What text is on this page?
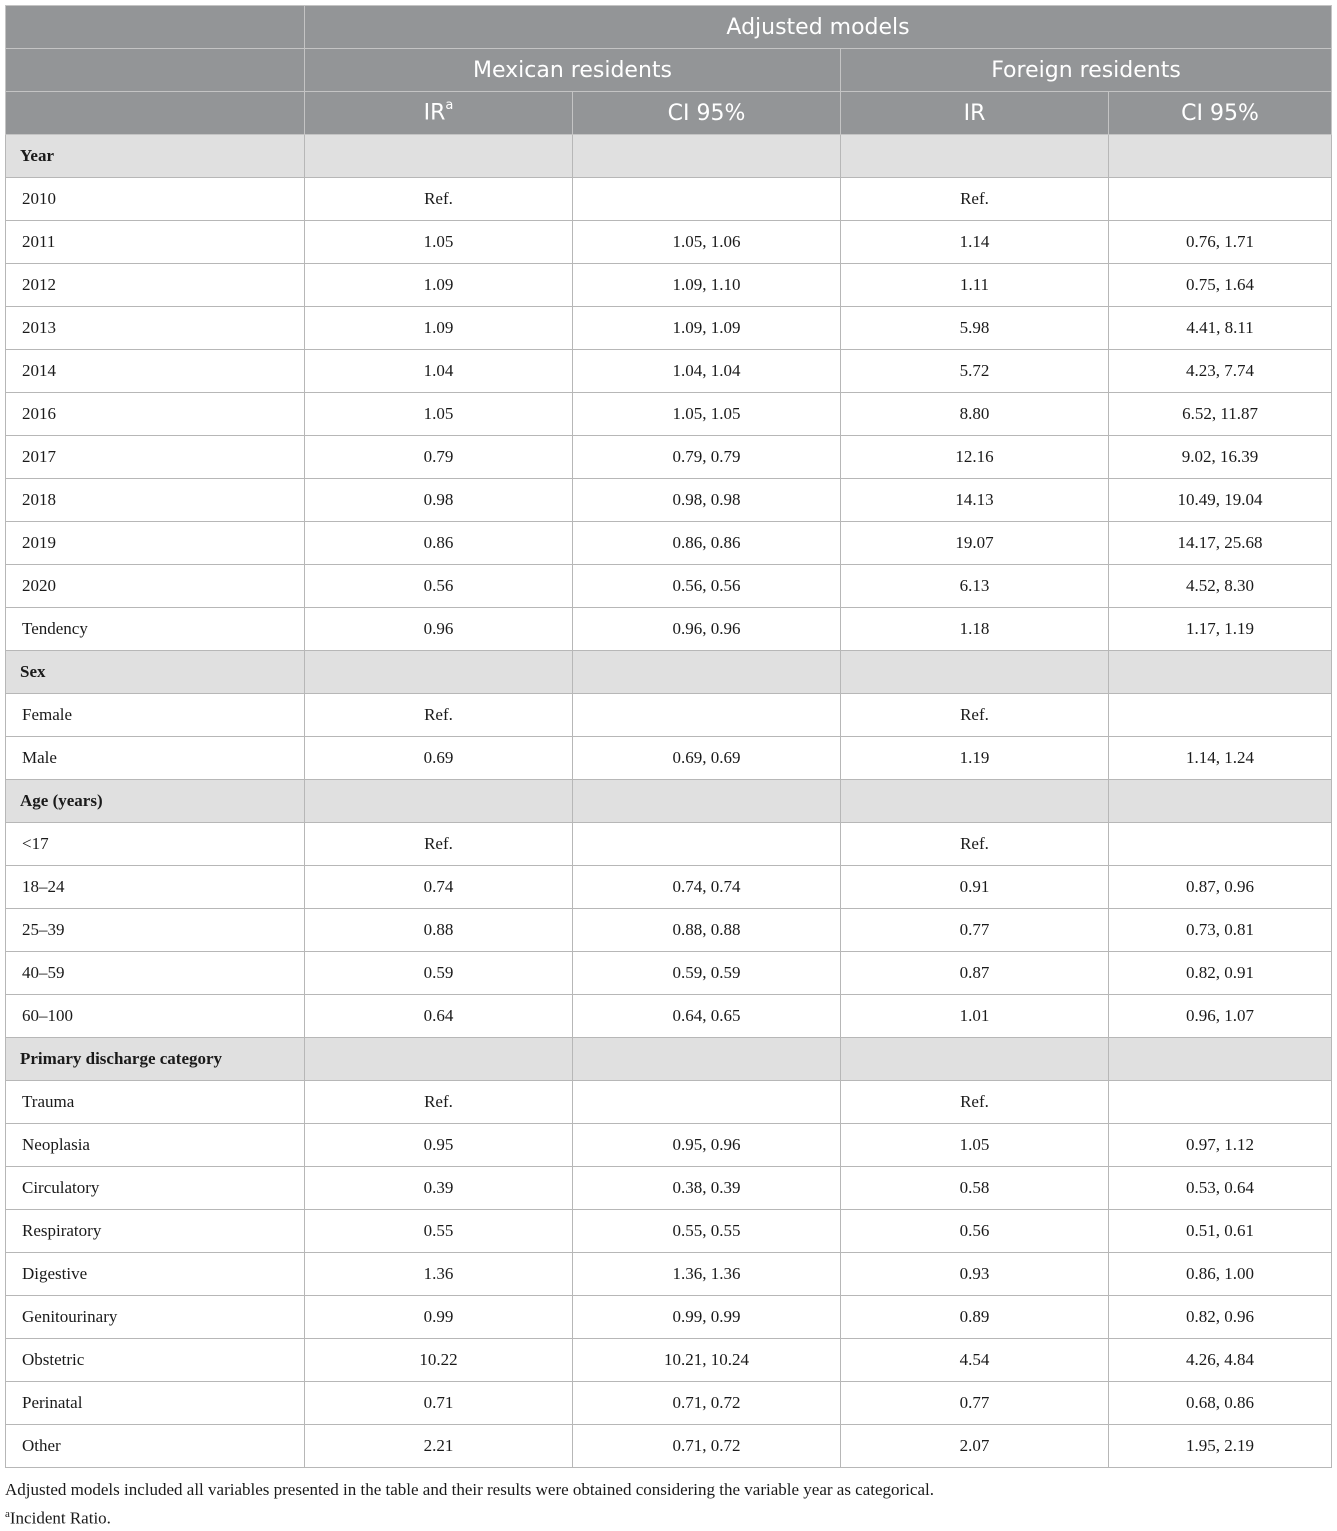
	Adjusted models			
	Mexican residents		Foreign residents	
	$IR^a$	CI 95%	IR	CI 95%
Year				
2010	Ref.		Ref.	
2011	1.05	1.05, 1.06	1.14	0.76, 1.71
2012	1.09	1.09, 1.10	1.11	0.75, 1.64
2013	1.09	1.09, 1.09	5.98	4.41, 8.11
2014	1.04	1.04, 1.04	5.72	4.23, 7.74
2016	1.05	1.05, 1.05	8.80	6.52, 11.87
2017	0.79	0.79, 0.79	12.16	9.02, 16.39
2018	0.98	0.98, 0.98	14.13	10.49, 19.04
2019	0.86	0.86, 0.86	19.07	14.17, 25.68
2020	0.56	0.56, 0.56	6.13	4.52, 8.30
Tendency	0.96	0.96, 0.96	1.18	1.17, 1.19
Sex				
Female	Ref.		Ref.	
Male	0.69	0.69, 0.69	1.19	1.14, 1.24
Age (years)				
<17	Ref.		Ref.	
18–24	0.74	0.74, 0.74	0.91	0.87, 0.96
25–39	0.88	0.88, 0.88	0.77	0.73, 0.81
40–59	0.59	0.59, 0.59	0.87	0.82, 0.91
60–100	0.64	0.64, 0.65	1.01	0.96, 1.07
Primary discharge category				
Trauma	Ref.		Ref.	
Neoplasia	0.95	0.95, 0.96	1.05	0.97, 1.12
Circulatory	0.39	0.38, 0.39	0.58	0.53, 0.64
Respiratory	0.55	0.55, 0.55	0.56	0.51, 0.61
Digestive	1.36	1.36, 1.36	0.93	0.86, 1.00
Genitourinary	0.99	0.99, 0.99	0.89	0.82, 0.96
Obstetric	10.22	10.21, 10.24	4.54	4.26, 4.84
Perinatal	0.71	0.71, 0.72	0.77	0.68, 0.86
Other	2.21	0.71, 0.72	2.07	1.95, 2.19
Adjusted models included all variables presented in the table and their results were obtained considering the variable year as categorical.
$^a$Incident Ratio.
